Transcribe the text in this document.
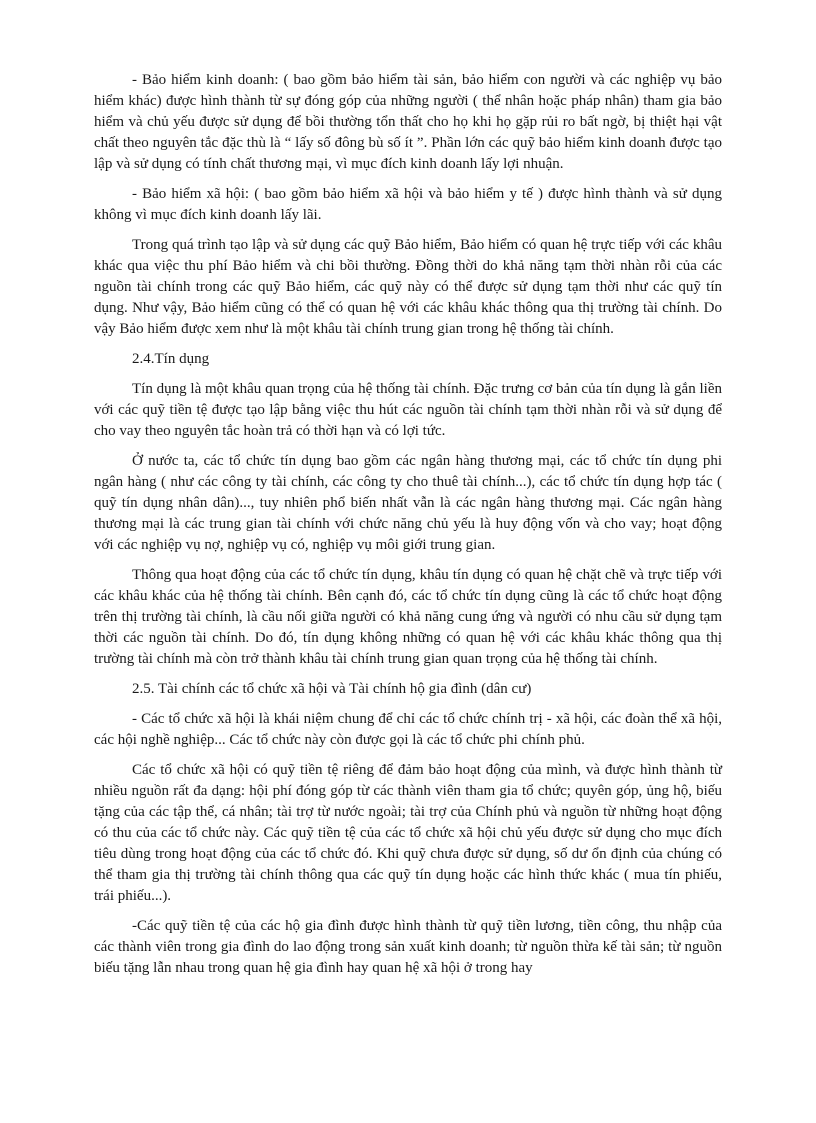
- Bảo hiểm kinh doanh: ( bao gồm bảo hiểm tài sản, bảo hiểm con người và các nghiệp vụ bảo hiểm khác) được hình thành từ sự đóng góp của những người ( thể nhân hoặc pháp nhân) tham gia bảo hiểm và chủ yếu được sử dụng để bồi thường tổn thất cho họ khi họ gặp rủi ro bất ngờ, bị thiệt hại vật chất theo nguyên tắc đặc thù là “ lấy số đông bù số ít ”. Phần lớn các quỹ bảo hiểm kinh doanh được tạo lập và sử dụng có tính chất thương mại, vì mục đích kinh doanh lấy lợi nhuận.

- Bảo hiểm xã hội: ( bao gồm bảo hiểm xã hội và bảo hiểm y tế ) được hình thành và sử dụng không vì mục đích kinh doanh lấy lãi.

Trong quá trình tạo lập và sử dụng các quỹ Bảo hiểm, Bảo hiểm có quan hệ trực tiếp với các khâu khác qua việc thu phí Bảo hiểm và chi bồi thường. Đồng thời do khả năng tạm thời nhàn rỗi của các nguồn tài chính trong các quỹ Bảo hiểm, các quỹ này có thể được sử dụng tạm thời như các quỹ tín dụng. Như vậy, Bảo hiểm cũng có thể có quan hệ với các khâu khác thông qua thị trường tài chính. Do vậy Bảo hiểm được xem như là một khâu tài chính trung gian trong hệ thống tài chính.

2.4.Tín dụng

Tín dụng là một khâu quan trọng của hệ thống tài chính. Đặc trưng cơ bản của tín dụng là gắn liền với các quỹ tiền tệ được tạo lập bằng việc thu hút các nguồn tài chính tạm thời nhàn rỗi và sử dụng để cho vay theo nguyên tắc hoàn trả có thời hạn và có lợi tức.

Ở nước ta, các tổ chức tín dụng bao gồm các ngân hàng thương mại, các tổ chức tín dụng phi ngân hàng ( như các công ty tài chính, các công ty cho thuê tài chính...), các tổ chức tín dụng hợp tác ( quỹ tín dụng nhân dân)..., tuy nhiên phổ biến nhất vẫn là các ngân hàng thương mại. Các ngân hàng thương mại là các trung gian tài chính với chức năng chủ yếu là huy động vốn và cho vay; hoạt động với các nghiệp vụ nợ, nghiệp vụ có, nghiệp vụ môi giới trung gian.

Thông qua hoạt động của các tổ chức tín dụng, khâu tín dụng có quan hệ chặt chẽ và trực tiếp với các khâu khác của hệ thống tài chính. Bên cạnh đó, các tổ chức tín dụng cũng là các tổ chức hoạt động trên thị trường tài chính, là cầu nối giữa người có khả năng cung ứng và người có nhu cầu sử dụng tạm thời các nguồn tài chính. Do đó, tín dụng không những có quan hệ với các khâu khác thông qua thị trường tài chính mà còn trở thành khâu tài chính trung gian quan trọng của hệ thống tài chính.

2.5. Tài chính các tổ chức xã hội và Tài chính hộ gia đình (dân cư)

- Các tổ chức xã hội là khái niệm chung để chỉ các tổ chức chính trị - xã hội, các đoàn thể xã hội, các hội nghề nghiệp... Các tổ chức này còn được gọi là các tổ chức phi chính phủ.

Các tổ chức xã hội có quỹ tiền tệ riêng để đảm bảo hoạt động của mình, và được hình thành từ nhiều nguồn rất đa dạng: hội phí đóng góp từ các thành viên tham gia tổ chức; quyên góp, ủng hộ, biếu tặng của các tập thể, cá nhân; tài trợ từ nước ngoài; tài trợ của Chính phủ và nguồn từ những hoạt động có thu của các tổ chức này. Các quỹ tiền tệ của các tổ chức xã hội chủ yếu được sử dụng cho mục đích tiêu dùng trong hoạt động của các tổ chức đó. Khi quỹ chưa được sử dụng, số dư ổn định của chúng có thể tham gia thị trường tài chính thông qua các quỹ tín dụng hoặc các hình thức khác ( mua tín phiếu, trái phiếu...).

-Các quỹ tiền tệ của các hộ gia đình được hình thành từ quỹ tiền lương, tiền công, thu nhập của các thành viên trong gia đình do lao động trong sản xuất kinh doanh; từ nguồn thừa kế tài sản; từ nguồn biếu tặng lẫn nhau trong quan hệ gia đình hay quan hệ xã hội ở trong hay
